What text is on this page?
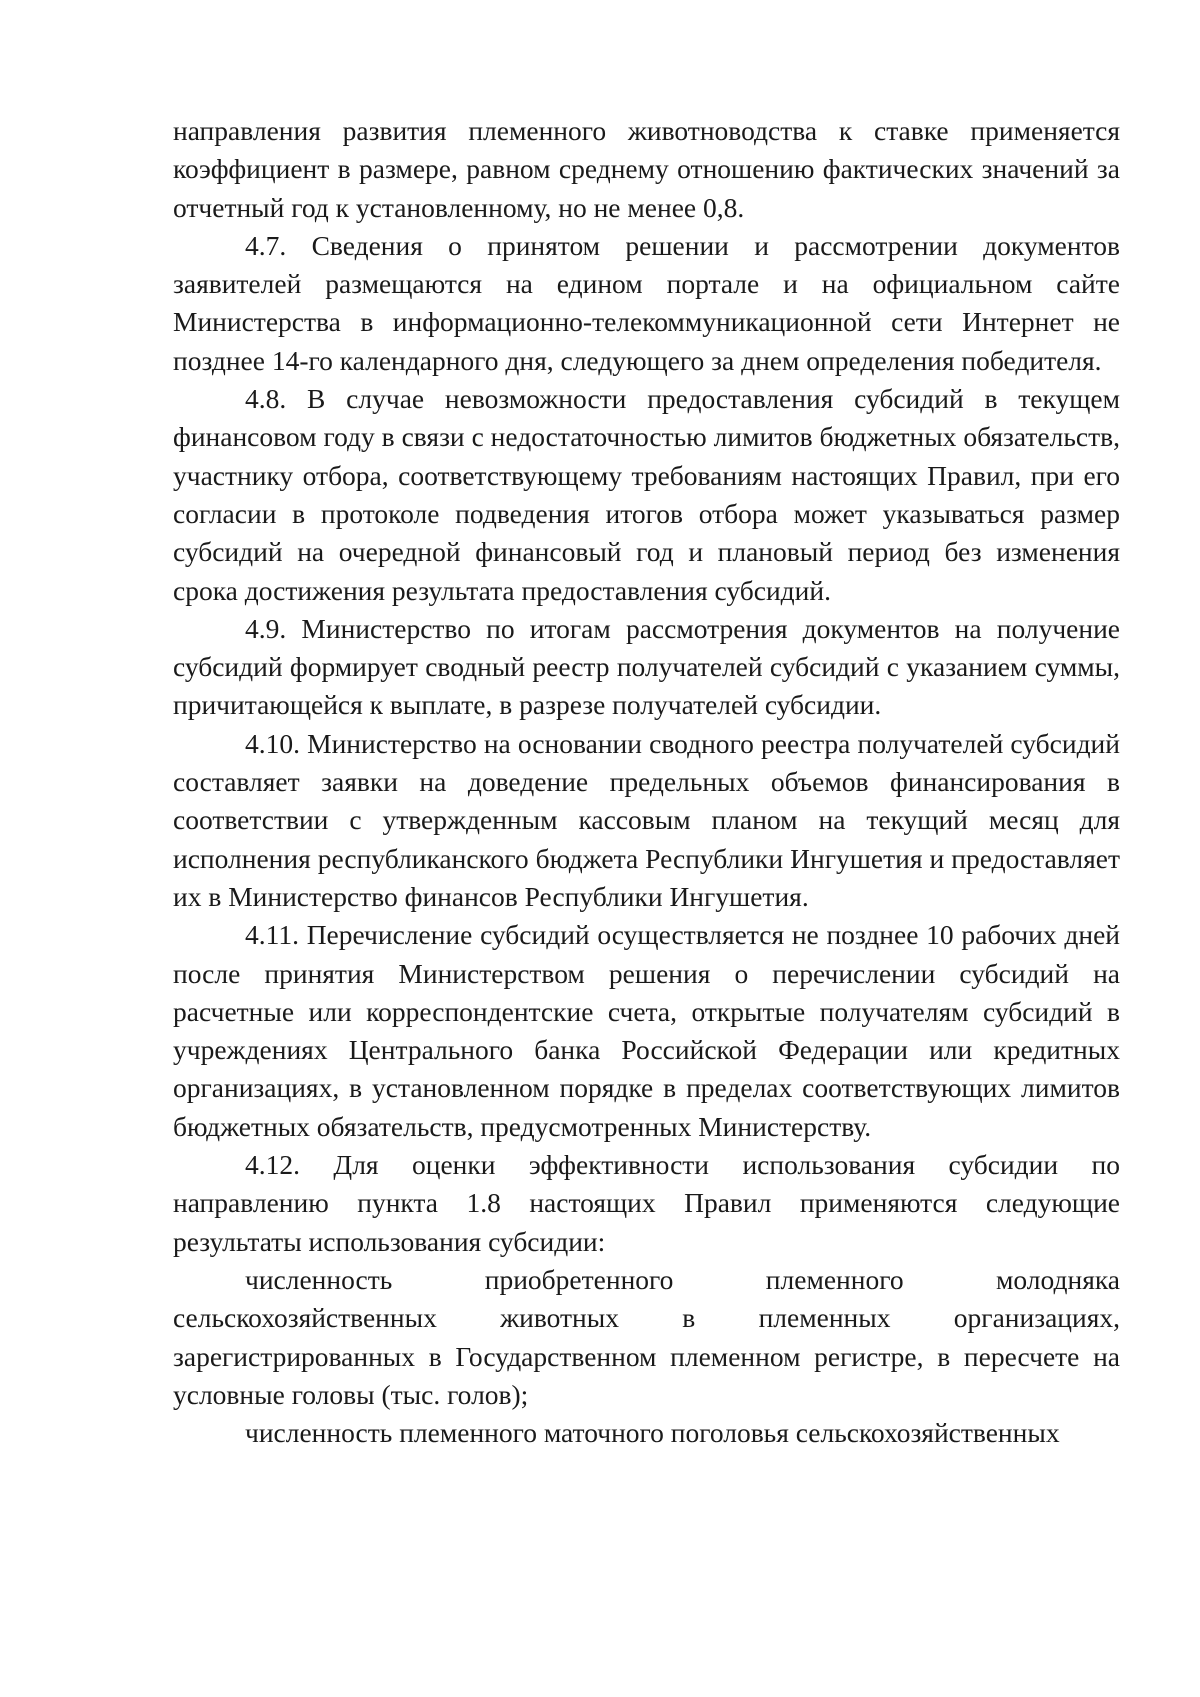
направления развития племенного животноводства к ставке применяется коэффициент в размере, равном среднему отношению фактических значений за отчетный год к установленному, но не менее 0,8.

4.7. Сведения о принятом решении и рассмотрении документов заявителей размещаются на едином портале и на официальном сайте Министерства в информационно-телекоммуникационной сети Интернет не позднее 14-го календарного дня, следующего за днем определения победителя.

4.8. В случае невозможности предоставления субсидий в текущем финансовом году в связи с недостаточностью лимитов бюджетных обязательств, участнику отбора, соответствующему требованиям настоящих Правил, при его согласии в протоколе подведения итогов отбора может указываться размер субсидий на очередной финансовый год и плановый период без изменения срока достижения результата предоставления субсидий.

4.9. Министерство по итогам рассмотрения документов на получение субсидий формирует сводный реестр получателей субсидий с указанием суммы, причитающейся к выплате, в разрезе получателей субсидии.

4.10. Министерство на основании сводного реестра получателей субсидий составляет заявки на доведение предельных объемов финансирования в соответствии с утвержденным кассовым планом на текущий месяц для исполнения республиканского бюджета Республики Ингушетия и предоставляет их в Министерство финансов Республики Ингушетия.

4.11. Перечисление субсидий осуществляется не позднее 10 рабочих дней после принятия Министерством решения о перечислении субсидий на расчетные или корреспондентские счета, открытые получателям субсидий в учреждениях Центрального банка Российской Федерации или кредитных организациях, в установленном порядке в пределах соответствующих лимитов бюджетных обязательств, предусмотренных Министерству.

4.12. Для оценки эффективности использования субсидии по направлению пункта 1.8 настоящих Правил применяются следующие результаты использования субсидии:

численность приобретенного племенного молодняка сельскохозяйственных животных в племенных организациях, зарегистрированных в Государственном племенном регистре, в пересчете на условные головы (тыс. голов);

численность племенного маточного поголовья сельскохозяйственных
